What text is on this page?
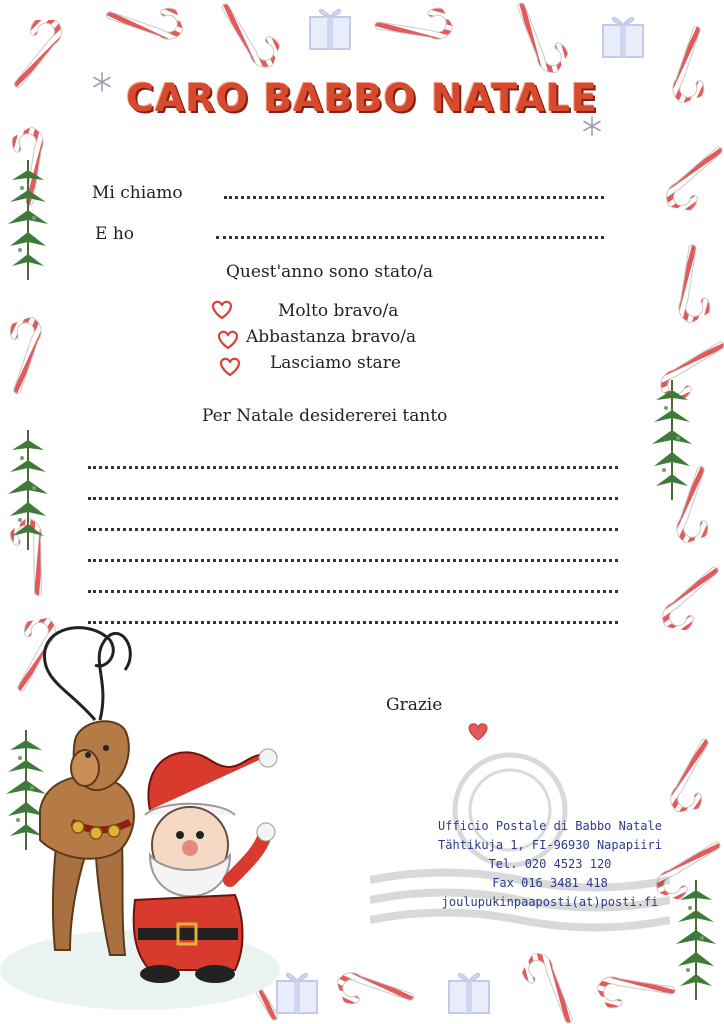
CARO BABBO NATALE
Mi chiamo
E ho
Quest'anno sono stato/a
Molto bravo/a
Abbastanza bravo/a
Lasciamo stare
Per Natale desidererei tanto
Grazie
Ufficio Postale di Babbo Natale
Tähtikuja 1, FI-96930 Napapiiri
Tel. 020 4523 120
Fax 016 3481 418
joulupukinpaaposti(at)posti.fi
